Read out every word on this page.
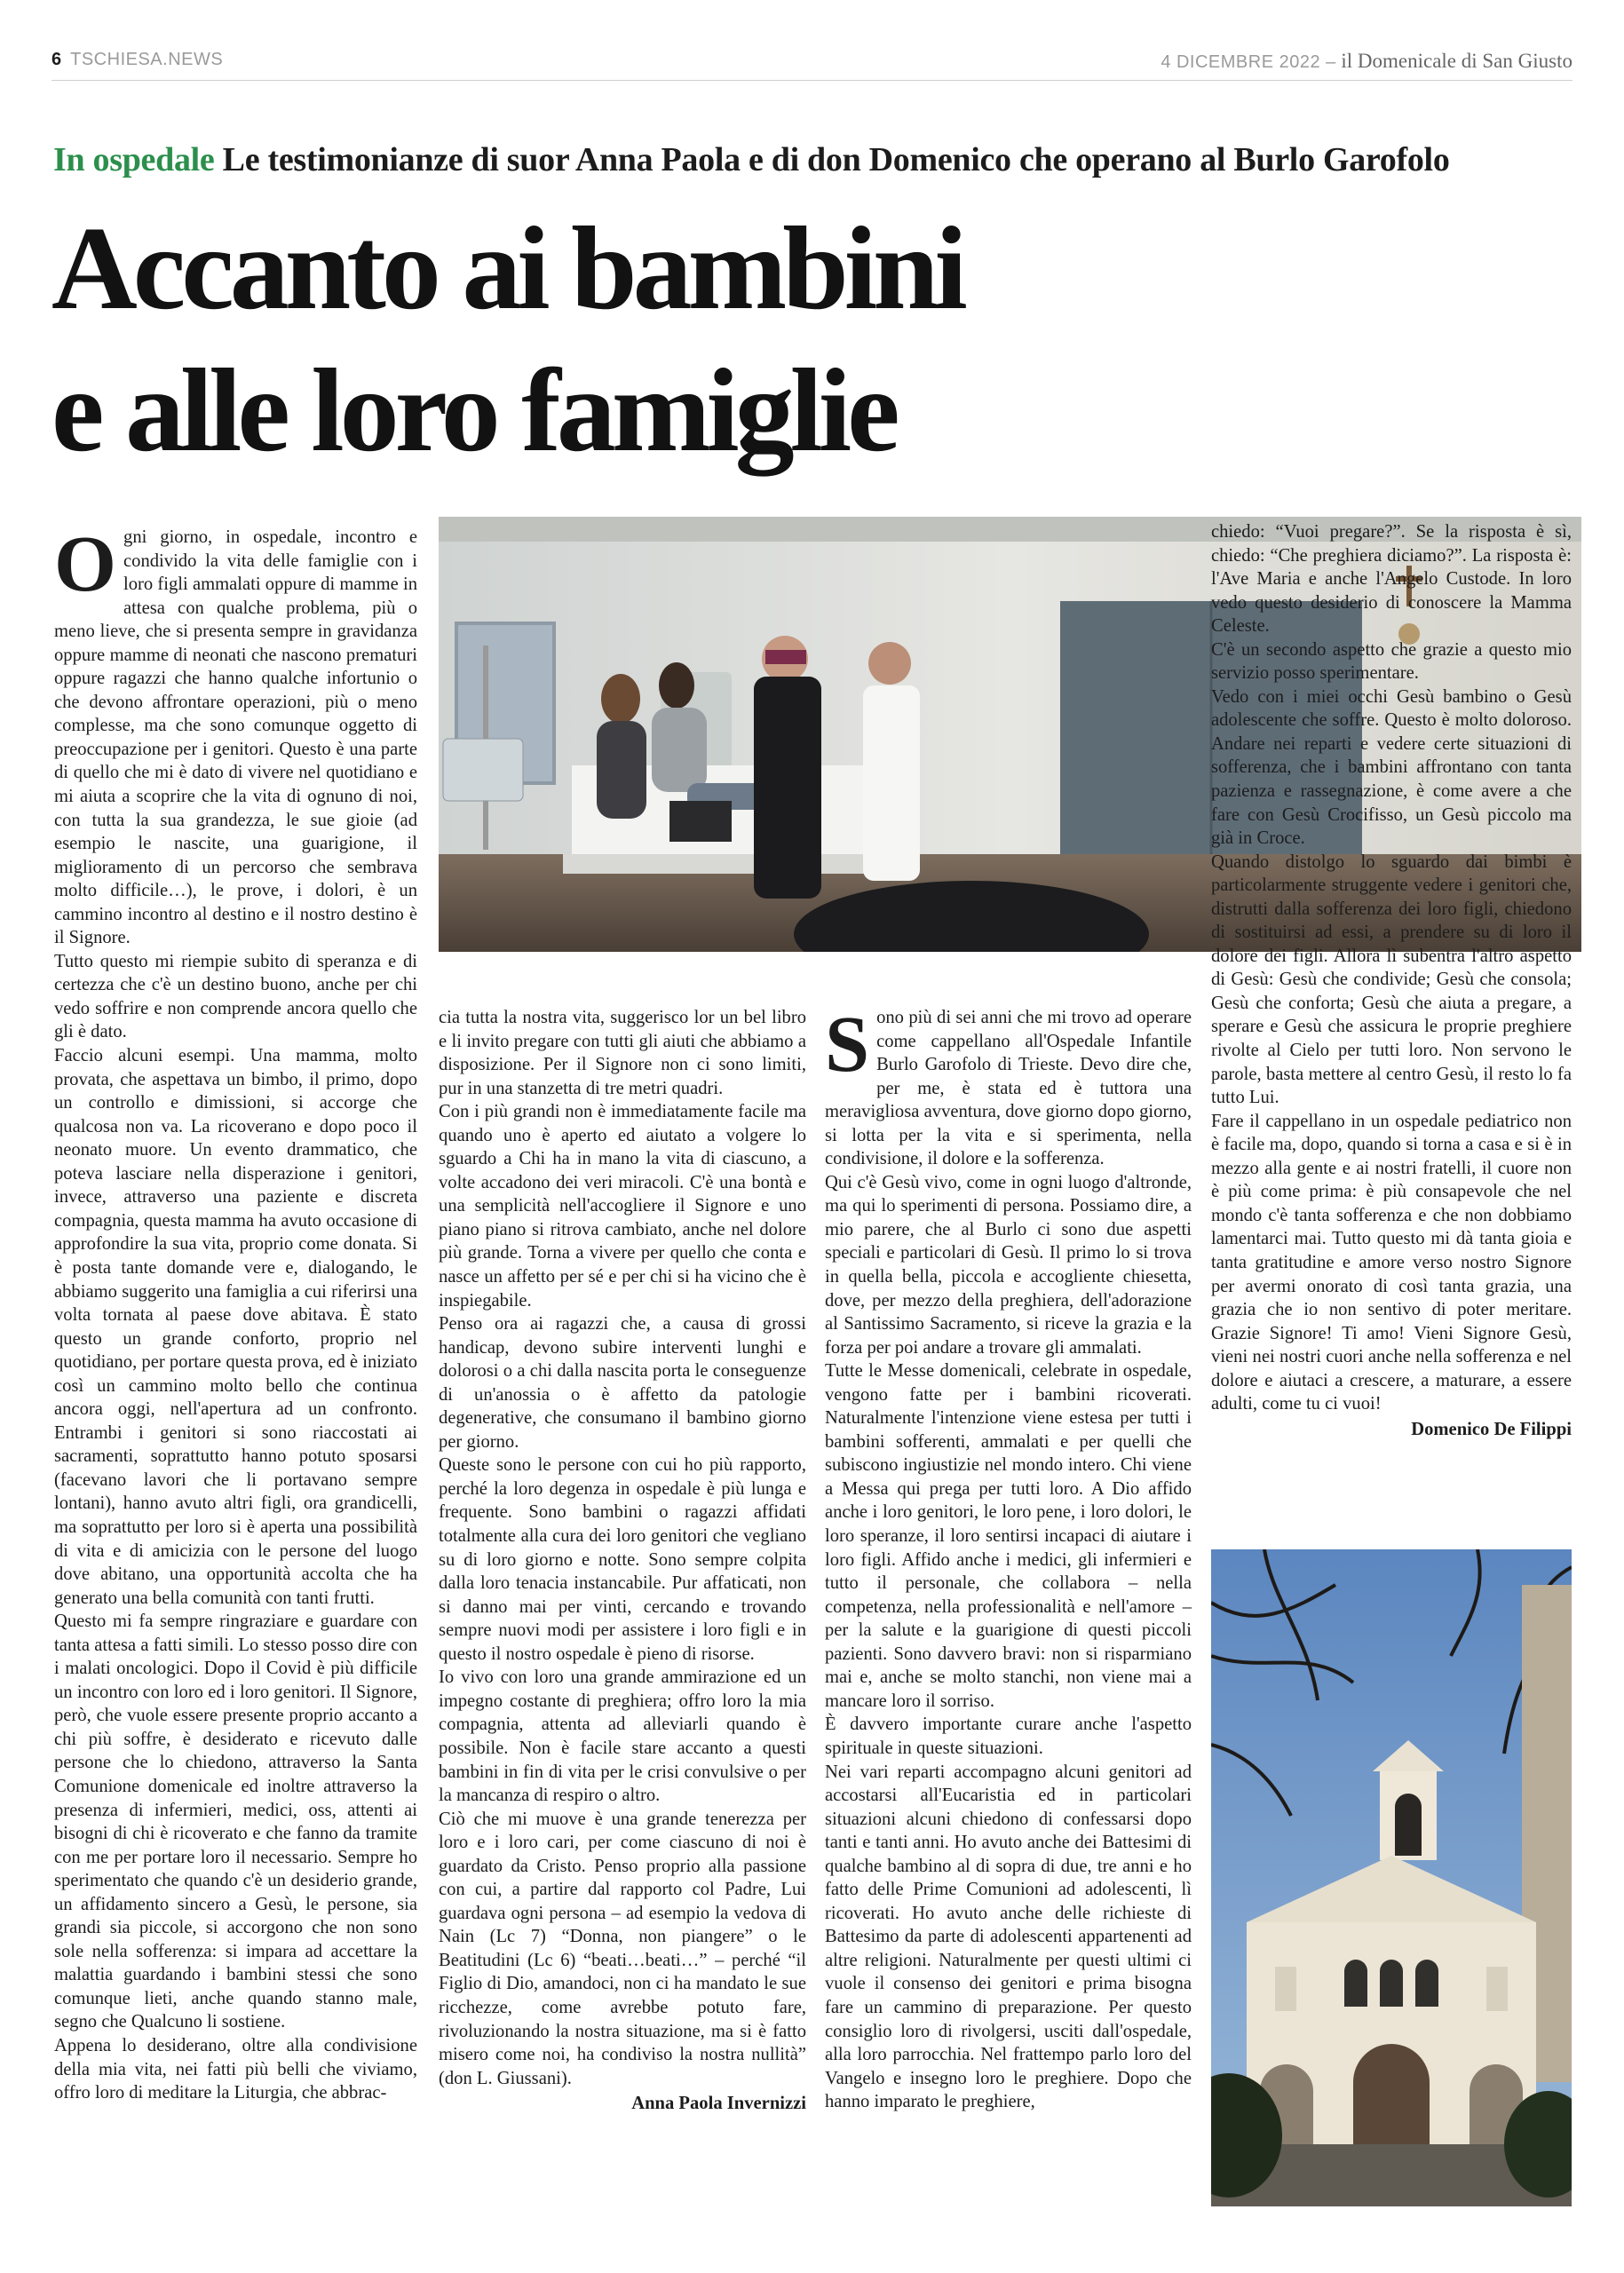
6 TSCHIESA.NEWS	4 DICEMBRE 2022 – il Domenicale di San Giusto
In ospedale Le testimonianze di suor Anna Paola e di don Domenico che operano al Burlo Garofolo
Accanto ai bambini
e alle loro famiglie

Ogni giorno, in ospedale, incontro e condivido la vita delle famiglie con i loro figli ammalati oppure di mamme in attesa con qualche problema, più o meno lieve, che si presenta sempre in gravidanza oppure mamme di neonati che nascono prematuri oppure ragazzi che hanno qualche infortunio o che devono affrontare operazioni, più o meno complesse, ma che sono comunque oggetto di preoccupazione per i genitori. Questo è una parte di quello che mi è dato di vivere nel quotidiano e mi aiuta a scoprire che la vita di ognuno di noi, con tutta la sua grandezza, le sue gioie (ad esempio le nascite, una guarigione, il miglioramento di un percorso che sembrava molto difficile…), le prove, i dolori, è un cammino incontro al destino e il nostro destino è il Signore.

Tutto questo mi riempie subito di speranza e di certezza che c'è un destino buono, anche per chi vedo soffrire e non comprende ancora quello che gli è dato.

Faccio alcuni esempi. Una mamma, molto provata, che aspettava un bimbo, il primo, dopo un controllo e dimissioni, si accorge che qualcosa non va. La ricoverano e dopo poco il neonato muore. Un evento drammatico, che poteva lasciare nella disperazione i genitori, invece, attraverso una paziente e discreta compagnia, questa mamma ha avuto occasione di approfondire la sua vita, proprio come donata. Si è posta tante domande vere e, dialogando, le abbiamo suggerito una famiglia a cui riferirsi una volta tornata al paese dove abitava. È stato questo un grande conforto, proprio nel quotidiano, per portare questa prova, ed è iniziato così un cammino molto bello che continua ancora oggi, nell'apertura ad un confronto. Entrambi i genitori si sono riaccostati ai sacramenti, soprattutto hanno potuto sposarsi (facevano lavori che li portavano sempre lontani), hanno avuto altri figli, ora grandicelli, ma soprattutto per loro si è aperta una possibilità di vita e di amicizia con le persone del luogo dove abitano, una opportunità accolta che ha generato una bella comunità con tanti frutti.

Questo mi fa sempre ringraziare e guardare con tanta attesa a fatti simili. Lo stesso posso dire con i malati oncologici. Dopo il Covid è più difficile un incontro con loro ed i loro genitori. Il Signore, però, che vuole essere presente proprio accanto a chi più soffre, è desiderato e ricevuto dalle persone che lo chiedono, attraverso la Santa Comunione domenicale ed inoltre attraverso la presenza di infermieri, medici, oss, attenti ai bisogni di chi è ricoverato e che fanno da tramite con me per portare loro il necessario. Sempre ho sperimentato che quando c'è un desiderio grande, un affidamento sincero a Gesù, le persone, sia grandi sia piccole, si accorgono che non sono sole nella sofferenza: si impara ad accettare la malattia guardando i bambini stessi che sono comunque lieti, anche quando stanno male, segno che Qualcuno li sostiene.

Appena lo desiderano, oltre alla condivisione della mia vita, nei fatti più belli che viviamo, offro loro di meditare la Liturgia, che abbrac-

cia tutta la nostra vita, suggerisco lor un bel libro e li invito pregare con tutti gli aiuti che abbiamo a disposizione. Per il Signore non ci sono limiti, pur in una stanzetta di tre metri quadri.

Con i più grandi non è immediatamente facile ma quando uno è aperto ed aiutato a volgere lo sguardo a Chi ha in mano la vita di ciascuno, a volte accadono dei veri miracoli. C'è una bontà e una semplicità nell'accogliere il Signore e uno piano piano si ritrova cambiato, anche nel dolore più grande. Torna a vivere per quello che conta e nasce un affetto per sé e per chi si ha vicino che è inspiegabile.

Penso ora ai ragazzi che, a causa di grossi handicap, devono subire interventi lunghi e dolorosi o a chi dalla nascita porta le conseguenze di un'anossia o è affetto da patologie degenerative, che consumano il bambino giorno per giorno.

Queste sono le persone con cui ho più rapporto, perché la loro degenza in ospedale è più lunga e frequente. Sono bambini o ragazzi affidati totalmente alla cura dei loro genitori che vegliano su di loro giorno e notte. Sono sempre colpita dalla loro tenacia instancabile. Pur affaticati, non si danno mai per vinti, cercando e trovando sempre nuovi modi per assistere i loro figli e in questo il nostro ospedale è pieno di risorse.

Io vivo con loro una grande ammirazione ed un impegno costante di preghiera; offro loro la mia compagnia, attenta ad alleviarli quando è possibile. Non è facile stare accanto a questi bambini in fin di vita per le crisi convulsive o per la mancanza di respiro o altro.

Ciò che mi muove è una grande tenerezza per loro e i loro cari, per come ciascuno di noi è guardato da Cristo. Penso proprio alla passione con cui, a partire dal rapporto col Padre, Lui guardava ogni persona – ad esempio la vedova di Nain (Lc 7) “Donna, non piangere” o le Beatitudini (Lc 6) “beati…beati…” – perché “il Figlio di Dio, amandoci, non ci ha mandato le sue ricchezze, come avrebbe potuto fare, rivoluzionando la nostra situazione, ma si è fatto misero come noi, ha condiviso la nostra nullità” (don L. Giussani).

Anna Paola Invernizzi

Sono più di sei anni che mi trovo ad operare come cappellano all'Ospedale Infantile Burlo Garofolo di Trieste. Devo dire che, per me, è stata ed è tuttora una meravigliosa avventura, dove giorno dopo giorno, si lotta per la vita e si sperimenta, nella condivisione, il dolore e la sofferenza.

Qui c'è Gesù vivo, come in ogni luogo d'altronde, ma qui lo sperimenti di persona. Possiamo dire, a mio parere, che al Burlo ci sono due aspetti speciali e particolari di Gesù. Il primo lo si trova in quella bella, piccola e accogliente chiesetta, dove, per mezzo della preghiera, dell'adorazione al Santissimo Sacramento, si riceve la grazia e la forza per poi andare a trovare gli ammalati.

Tutte le Messe domenicali, celebrate in ospedale, vengono fatte per i bambini ricoverati. Naturalmente l'intenzione viene estesa per tutti i bambini sofferenti, ammalati e per quelli che subiscono ingiustizie nel mondo intero. Chi viene a Messa qui prega per tutti loro. A Dio affido anche i loro genitori, le loro pene, i loro dolori, le loro speranze, il loro sentirsi incapaci di aiutare i loro figli. Affido anche i medici, gli infermieri e tutto il personale, che collabora – nella competenza, nella professionalità e nell'amore – per la salute e la guarigione di questi piccoli pazienti. Sono davvero bravi: non si risparmiano mai e, anche se molto stanchi, non viene mai a mancare loro il sorriso.

È davvero importante curare anche l'aspetto spirituale in queste situazioni.

Nei vari reparti accompagno alcuni genitori ad accostarsi all'Eucaristia ed in particolari situazioni alcuni chiedono di confessarsi dopo tanti e tanti anni. Ho avuto anche dei Battesimi di qualche bambino al di sopra di due, tre anni e ho fatto delle Prime Comunioni ad adolescenti, lì ricoverati. Ho avuto anche delle richieste di Battesimo da parte di adolescenti appartenenti ad altre religioni. Naturalmente per questi ultimi ci vuole il consenso dei genitori e prima bisogna fare un cammino di preparazione. Per questo consiglio loro di rivolgersi, usciti dall'ospedale, alla loro parrocchia. Nel frattempo parlo loro del Vangelo e insegno loro le preghiere. Dopo che hanno imparato le preghiere,

chiedo: “Vuoi pregare?”. Se la risposta è sì, chiedo: “Che preghiera diciamo?”. La risposta è: l'Ave Maria e anche l'Angelo Custode. In loro vedo questo desiderio di conoscere la Mamma Celeste.

C'è un secondo aspetto che grazie a questo mio servizio posso sperimentare.

Vedo con i miei occhi Gesù bambino o Gesù adolescente che soffre. Questo è molto doloroso. Andare nei reparti e vedere certe situazioni di sofferenza, che i bambini affrontano con tanta pazienza e rassegnazione, è come avere a che fare con Gesù Crocifisso, un Gesù piccolo ma già in Croce.

Quando distolgo lo sguardo dai bimbi è particolarmente struggente vedere i genitori che, distrutti dalla sofferenza dei loro figli, chiedono di sostituirsi ad essi, a prendere su di loro il dolore dei figli. Allora lì subentra l'altro aspetto di Gesù: Gesù che condivide; Gesù che consola; Gesù che conforta; Gesù che aiuta a pregare, a sperare e Gesù che assicura le proprie preghiere rivolte al Cielo per tutti loro. Non servono le parole, basta mettere al centro Gesù, il resto lo fa tutto Lui.

Fare il cappellano in un ospedale pediatrico non è facile ma, dopo, quando si torna a casa e si è in mezzo alla gente e ai nostri fratelli, il cuore non è più come prima: è più consapevole che nel mondo c'è tanta sofferenza e che non dobbiamo lamentarci mai. Tutto questo mi dà tanta gioia e tanta gratitudine e amore verso nostro Signore per avermi onorato di così tanta grazia, una grazia che io non sentivo di poter meritare. Grazie Signore! Ti amo! Vieni Signore Gesù, vieni nei nostri cuori anche nella sofferenza e nel dolore e aiutaci a crescere, a maturare, a essere adulti, come tu ci vuoi!

Domenico De Filippi
